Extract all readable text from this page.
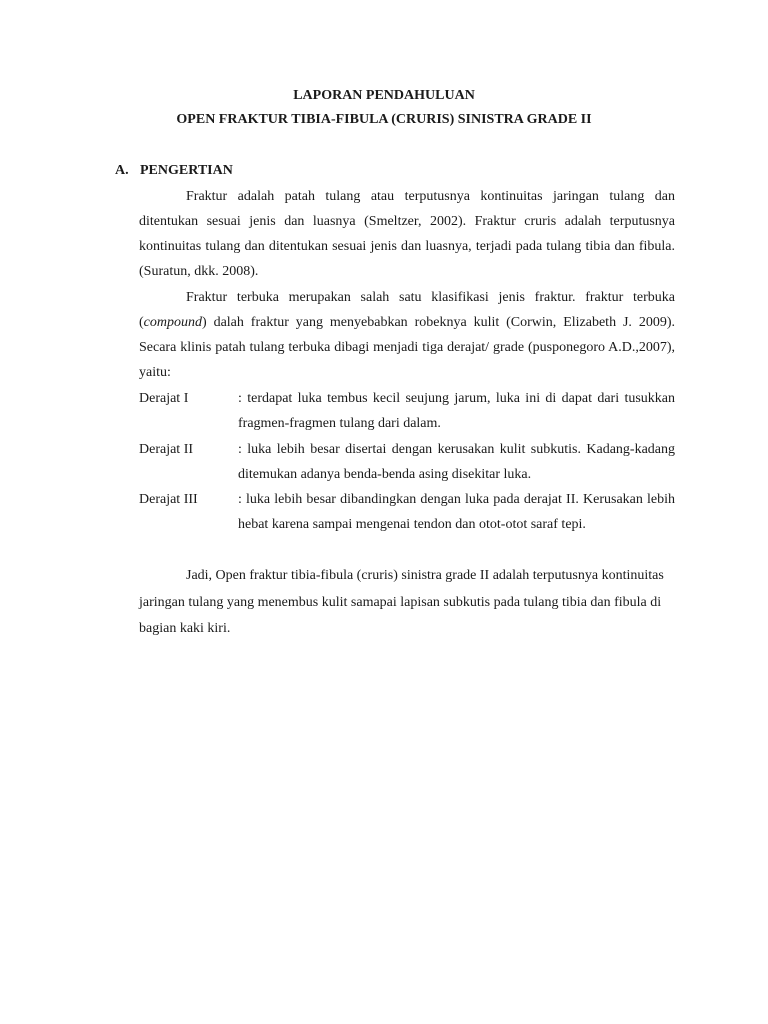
LAPORAN PENDAHULUAN
OPEN FRAKTUR TIBIA-FIBULA (CRURIS) SINISTRA GRADE II
A. PENGERTIAN

Fraktur adalah patah tulang atau terputusnya kontinuitas jaringan tulang dan ditentukan sesuai jenis dan luasnya (Smeltzer, 2002). Fraktur cruris adalah terputusnya kontinuitas tulang dan ditentukan sesuai jenis dan luasnya, terjadi pada tulang tibia dan fibula. (Suratun, dkk. 2008).

Fraktur terbuka merupakan salah satu klasifikasi jenis fraktur. fraktur terbuka (compound) dalah fraktur yang menyebabkan robeknya kulit (Corwin, Elizabeth J. 2009). Secara klinis patah tulang terbuka dibagi menjadi tiga derajat/ grade (pusponegoro A.D.,2007), yaitu:

Derajat I	: terdapat luka tembus kecil seujung jarum, luka ini di dapat dari tusukkan fragmen-fragmen tulang dari dalam.
Derajat II	: luka lebih besar disertai dengan kerusakan kulit subkutis. Kadang-kadang ditemukan adanya benda-benda asing disekitar luka.
Derajat III	: luka lebih besar dibandingkan dengan luka pada derajat II. Kerusakan lebih hebat karena sampai mengenai tendon dan otot-otot saraf tepi.

Jadi, Open fraktur tibia-fibula (cruris) sinistra grade II adalah terputusnya kontinuitas jaringan tulang yang menembus kulit samapai lapisan subkutis pada tulang tibia dan fibula di bagian kaki kiri.
